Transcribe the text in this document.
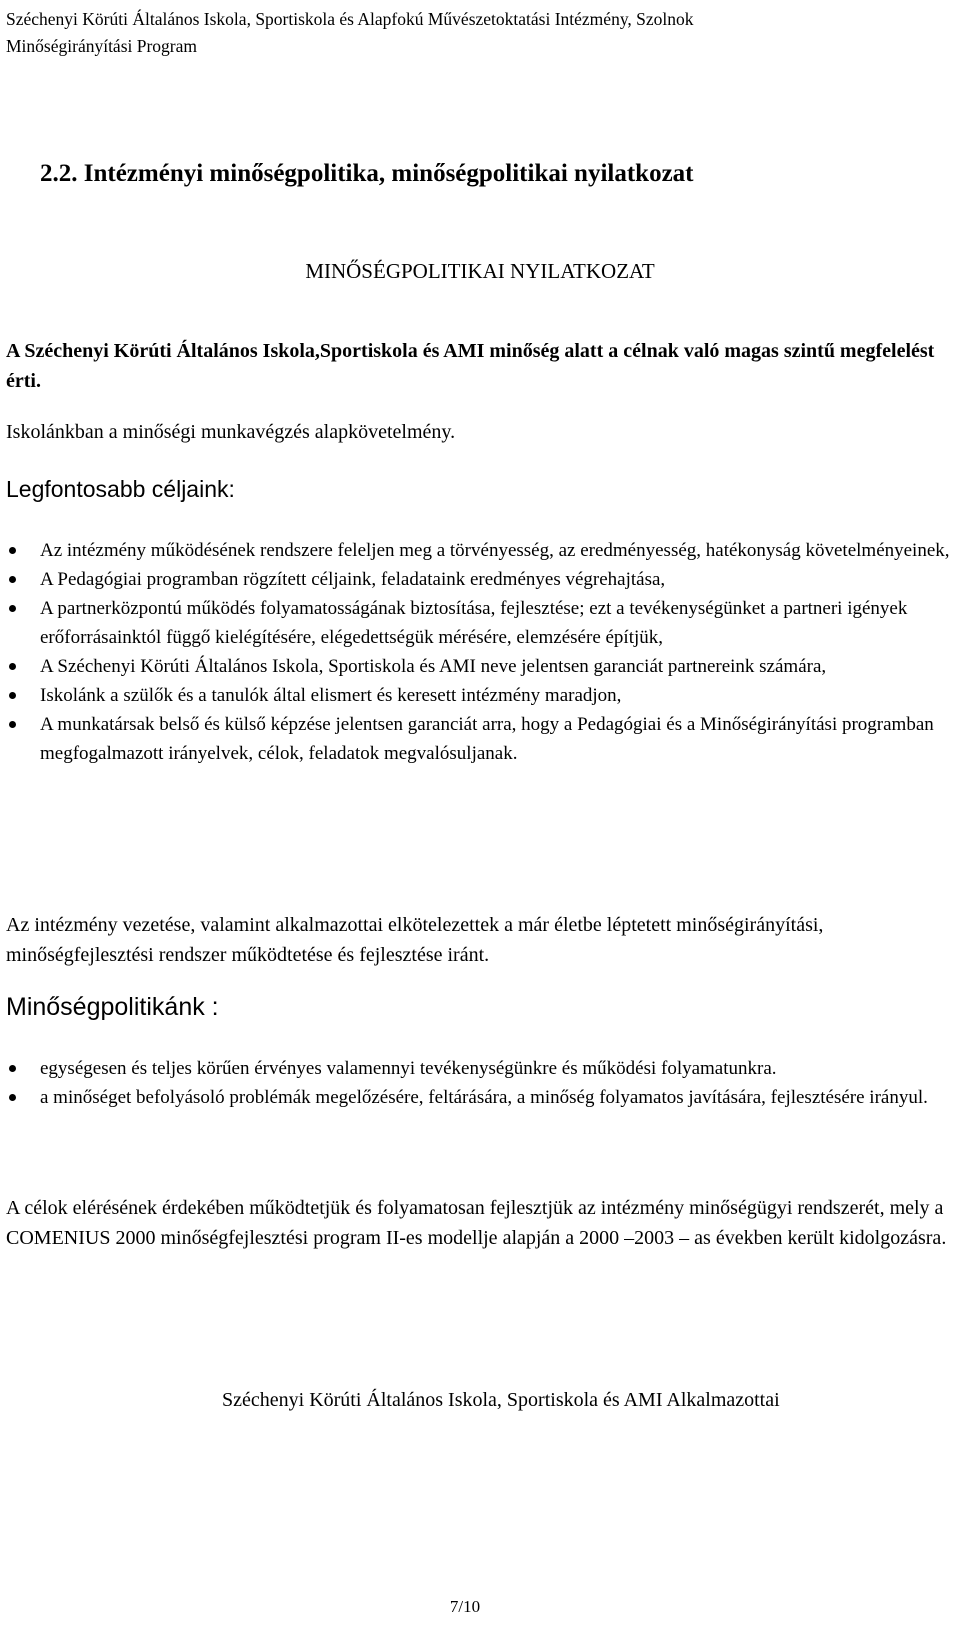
Széchenyi Körúti Általános Iskola, Sportiskola és Alapfokú Művészetoktatási Intézmény, Szolnok
Minőségirányítási Program
2.2. Intézményi minőségpolitika, minőségpolitikai nyilatkozat
MINŐSÉGPOLITIKAI NYILATKOZAT
A Széchenyi Körúti Általános Iskola,Sportiskola és AMI minőség alatt a célnak való magas szintű megfelelést érti.
Iskolánkban a minőségi munkavégzés alapkövetelmény.
Legfontosabb céljaink:
Az intézmény működésének rendszere feleljen meg a törvényesség, az eredményesség, hatékonyság követelményeinek,
A Pedagógiai programban rögzített céljaink, feladataink eredményes végrehajtása,
A partnerközpontú működés folyamatosságának biztosítása, fejlesztése; ezt a tevékenységünket a partneri igények erőforrásainktól függő kielégítésére, elégedettségük mérésére, elemzésére építjük,
A Széchenyi Körúti Általános Iskola, Sportiskola és AMI neve jelentsen garanciát partnereink számára,
Iskolánk a szülők és a tanulók által elismert és keresett intézmény maradjon,
A munkatársak belső és külső képzése jelentsen garanciát arra, hogy a Pedagógiai és a Minőségirányítási programban megfogalmazott irányelvek, célok, feladatok megvalósuljanak.
Az intézmény vezetése, valamint alkalmazottai elkötelezettek a már életbe léptetett minőségirányítási, minőségfejlesztési rendszer működtetése és fejlesztése iránt.
Minőségpolitikánk :
egységesen és teljes körűen érvényes valamennyi tevékenységünkre és működési folyamatunkra.
a minőséget befolyásoló problémák megelőzésére, feltárására, a minőség folyamatos javítására, fejlesztésére irányul.
A célok elérésének érdekében működtetjük és folyamatosan fejlesztjük az intézmény minőségügyi rendszerét, mely a COMENIUS 2000 minőségfejlesztési program II-es modellje alapján a 2000 –2003 – as években került kidolgozásra.
Széchenyi Körúti Általános Iskola, Sportiskola és AMI Alkalmazottai
7/10
